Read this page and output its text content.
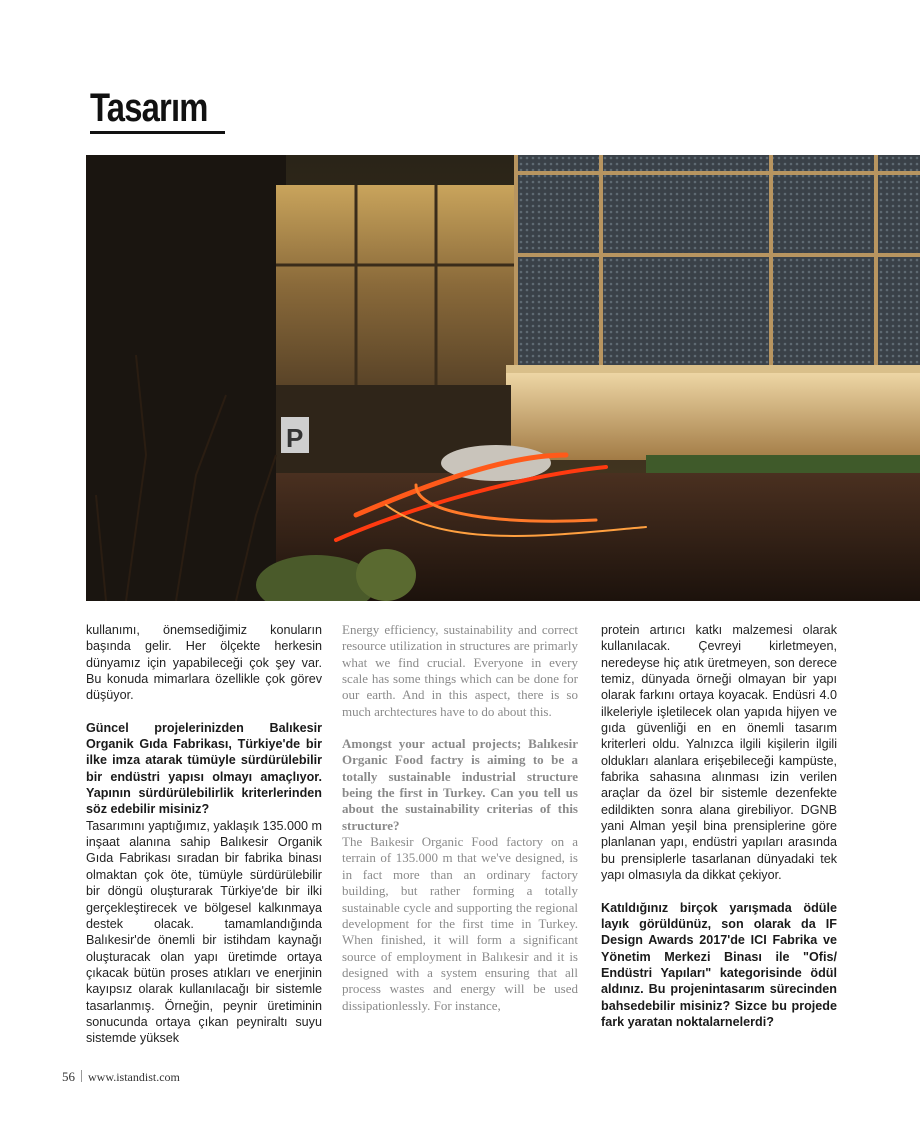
Tasarım
P

kullanımı, önemsediğimiz konuların başında gelir. Her ölçekte herkesin dünyamız için yapabileceği çok şey var. Bu konuda mimarlara özellikle çok görev düşüyor.

Güncel projelerinizden Balıkesir Organik Gıda Fabrikası, Türkiye'de bir ilke imza atarak tümüyle sürdürülebilir bir endüstri yapısı olmayı amaçlıyor. Yapının sürdürülebilirlik kriterlerinden söz edebilir misiniz?

Tasarımını yaptığımız, yaklaşık 135.000 m inşaat alanına sahip Balıkesir Organik Gıda Fabrikası sıradan bir fabrika binası olmaktan çok öte, tümüyle sürdürülebilir bir döngü oluşturarak Türkiye'de bir ilki gerçekleştirecek ve bölgesel kalkınmaya destek olacak. tamamlandığında Balıkesir'de önemli bir istihdam kaynağı oluşturacak olan yapı üretimde ortaya çıkacak bütün proses atıkları ve enerjinin kayıpsız olarak kullanılacağı bir sistemle tasarlanmış. Örneğin, peynir üretiminin sonucunda ortaya çıkan peyniraltı suyu sistemde yüksek

Energy efficiency, sustainability and correct resource utilization in structures are primarly what we find crucial. Everyone in every scale has some things which can be done for our earth. And in this aspect, there is so much archtectures have to do about this.

Amongst your actual projects; Balıkesir Organic Food factry is aiming to be a totally sustainable industrial structure being the first in Turkey. Can you tell us about the sustainability criterias of this structure?

The Baıkesir Organic Food factory on a terrain of 135.000 m that we've designed, is in fact more than an ordinary factory building, but rather forming a totally sustainable cycle and supporting the regional development for the first time in Turkey. When finished, it will form a significant source of employment in Balıkesir and it is designed with a system ensuring that all process wastes and energy will be used dissipationlessly. For instance,

protein artırıcı katkı malzemesi olarak kullanılacak. Çevreyi kirletmeyen, neredeyse hiç atık üretmeyen, son derece temiz, dünyada örneği olmayan bir yapı olarak farkını ortaya koyacak. Endüsri 4.0 ilkeleriyle işletilecek olan yapıda hijyen ve gıda güvenliği en en önemli tasarım kriterleri oldu. Yalnızca ilgili kişilerin ilgili oldukları alanlara erişebileceği kampüste, fabrika sahasına alınması izin verilen araçlar da özel bir sistemle dezenfekte edildikten sonra alana girebiliyor. DGNB yani Alman yeşil bina prensiplerine göre planlanan yapı, endüstri yapıları arasında bu prensiplerle tasarlanan dünyadaki tek yapı olmasıyla da dikkat çekiyor.

Katıldığınız birçok yarışmada ödüle layık görüldünüz, son olarak da IF Design Awards 2017'de ICI Fabrika ve Yönetim Merkezi Binası ile "Ofis/ Endüstri Yapıları" kategorisinde ödül aldınız. Bu projenintasarım sürecinden bahsedebilir misiniz? Sizce bu projede fark yaratan noktalarnelerdi?

56 www.istandist.com
